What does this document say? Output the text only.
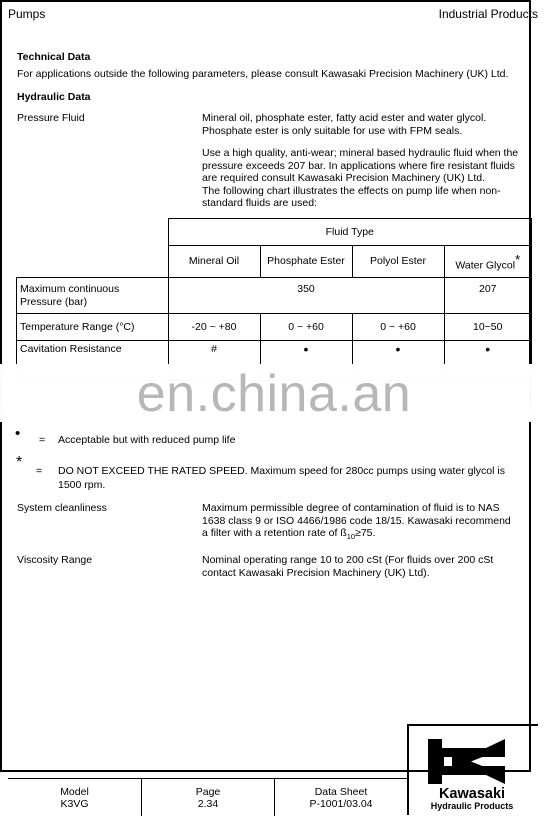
Pumps	Industrial Products
Technical Data
For applications outside the following parameters, please consult Kawasaki Precision Machinery (UK) Ltd.
Hydraulic Data
Pressure Fluid	Mineral oil, phosphate ester, fatty acid ester and water glycol.
Phosphate ester is only suitable for use with FPM seals.
Use a high quality, anti-wear; mineral based hydraulic fluid when the
pressure exceeds 207 bar. In applications where fire resistant fluids
are required consult Kawasaki Precision Machinery (UK) Ltd.
The following chart illustrates the effects on pump life when non-
standard fluids are used:
	Fluid Type			
	Mineral Oil	Phosphate Ester	Polyol Ester	Water Glycol*

Maximum continuous
Pressure (bar)	350			207
Temperature Range (°C)	-20 ~ +80	0 ~ +60	0 ~ +60	10~50
Cavitation Resistance	#	•	•	•
en.china.an
• = Acceptable but with reduced pump life
* = DO NOT EXCEED THE RATED SPEED. Maximum speed for 280cc pumps using water glycol is
1500 rpm.
System cleanliness	Maximum permissible degree of contamination of fluid is to NAS
1638 class 9 or ISO 4466/1986 code 18/15. Kawasaki recommend
a filter with a retention rate of $ß_{10}\ge 75$.
Viscosity Range	Nominal operating range 10 to 200 cSt (For fluids over 200 cSt
contact Kawasaki Precision Machinery (UK) Ltd).
Model
K3VG
Page
2.34
Data Sheet
P-1001/03.04
Kawasaki
Hydraulic Products
